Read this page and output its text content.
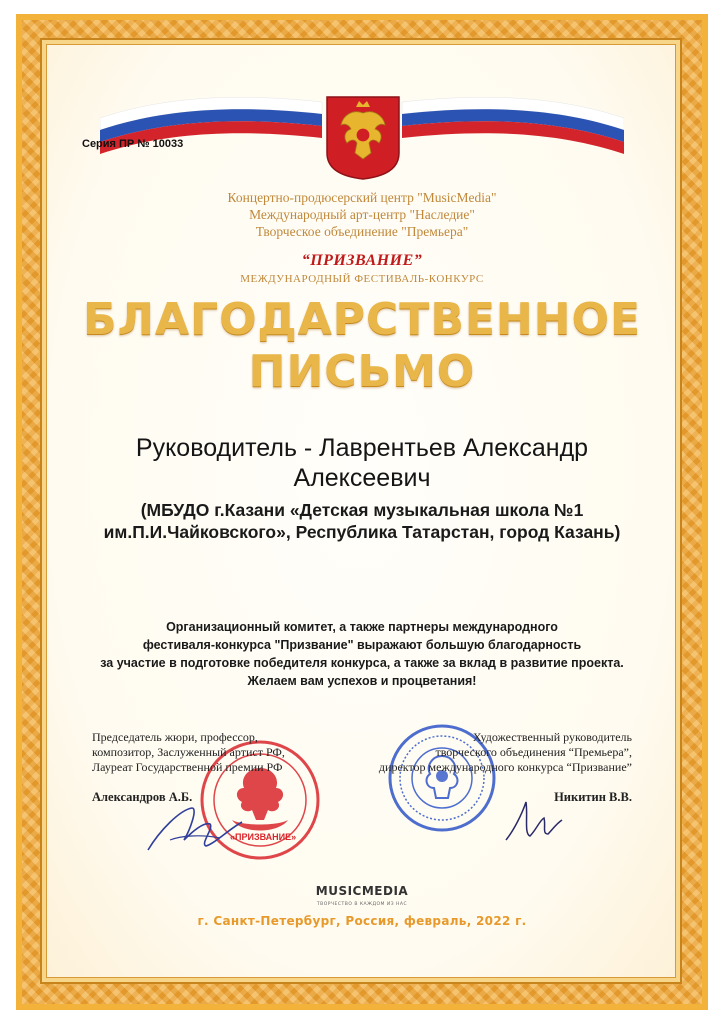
Серия ПР № 10033
Концертно-продюсерский центр "MusicMedia"
Международный арт-центр "Наследие"
Творческое объединение "Премьера"
“ПРИЗВАНИЕ”
МЕЖДУНАРОДНЫЙ ФЕСТИВАЛЬ-КОНКУРС
БЛАГОДАРСТВЕННОЕ
ПИСЬМО
Руководитель - Лаврентьев Александр
Алексеевич
(МБУДО г.Казани «Детская музыкальная школа №1
им.П.И.Чайковского», Республика Татарстан, город Казань)
Организационный комитет, а также партнеры международного
фестиваля-конкурса "Призвание" выражают большую благодарность
за участие в подготовке победителя конкурса, а также за вклад в развитие проекта.
Желаем вам успехов и процветания!
«ПРИЗВАНИЕ»
Председатель жюри, профессор,
композитор, Заслуженный артист РФ,
Лауреат Государственной премии РФ
Александров А.Б.
Художественный руководитель
творческого объединения “Премьера”,
директор международного конкурса “Призвание”
Никитин В.В.
MUSICMEDIA
ТВОРЧЕСТВО В КАЖДОМ ИЗ НАС
г. Санкт-Петербург, Россия, февраль, 2022 г.
